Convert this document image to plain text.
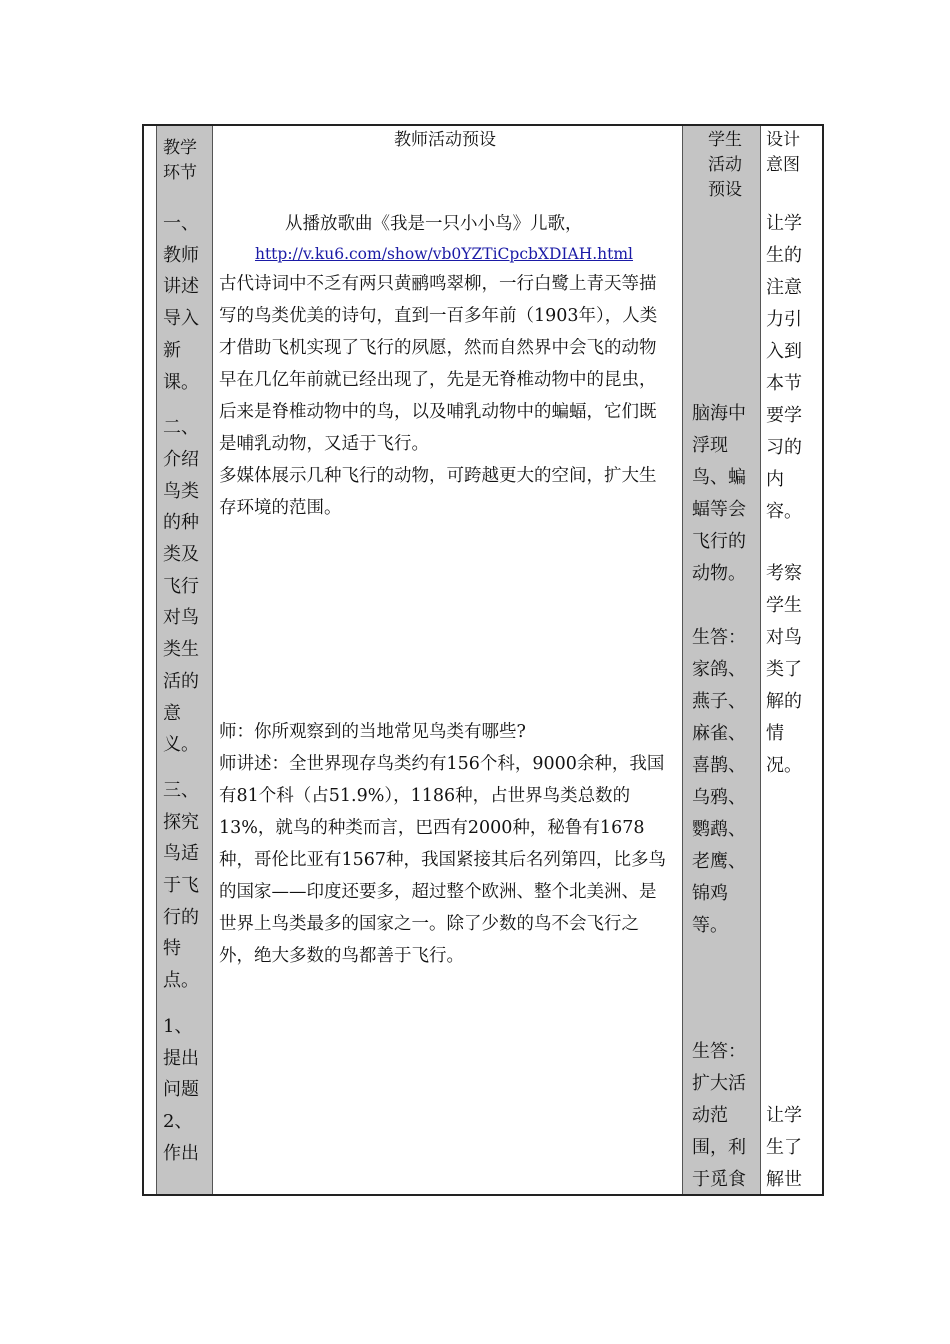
教学环节
教师活动预设	学生活动预设
设计意图
一、教师讲述导入新课。
二、介绍鸟类的种类及飞行对鸟类生活的意义。
三、探究鸟适于飞行的特点。
1、提出问题
2、作出

从播放歌曲《我是一只小小鸟》儿歌，

http://v.ku6.com/show/vb0YZTiCpcbXDIAH.html

古代诗词中不乏有两只黄鹂鸣翠柳，一行白鹭上青天等描写的鸟类优美的诗句，直到一百多年前（1903年），人类才借助飞机实现了飞行的夙愿，然而自然界中会飞的动物早在几亿年前就已经出现了，先是无脊椎动物中的昆虫，后来是脊椎动物中的鸟，以及哺乳动物中的蝙蝠，它们既是哺乳动物，又适于飞行。

多媒体展示几种飞行的动物，可跨越更大的空间，扩大生存环境的范围。

师：你所观察到的当地常见鸟类有哪些?

师讲述：全世界现存鸟类约有156个科，9000余种，我国有81个科（占51.9%），1186种，占世界鸟类总数的13%，就鸟的种类而言，巴西有2000种，秘鲁有1678种，哥伦比亚有1567种，我国紧接其后名列第四，比多鸟的国家——印度还要多，超过整个欧洲、整个北美洲、是世界上鸟类最多的国家之一。除了少数的鸟不会飞行之外，绝大多数的鸟都善于飞行。

脑海中浮现鸟、蝙蝠等会飞行的动物。
生答：家鸽、燕子、麻雀、喜鹊、乌鸦、鹦鹉、老鹰、锦鸡等。
生答：扩大活动范围，利于觅食
让学生的注意力引入到本节要学习的内容。
考察学生对鸟类了解的情况。
让学生了解世
